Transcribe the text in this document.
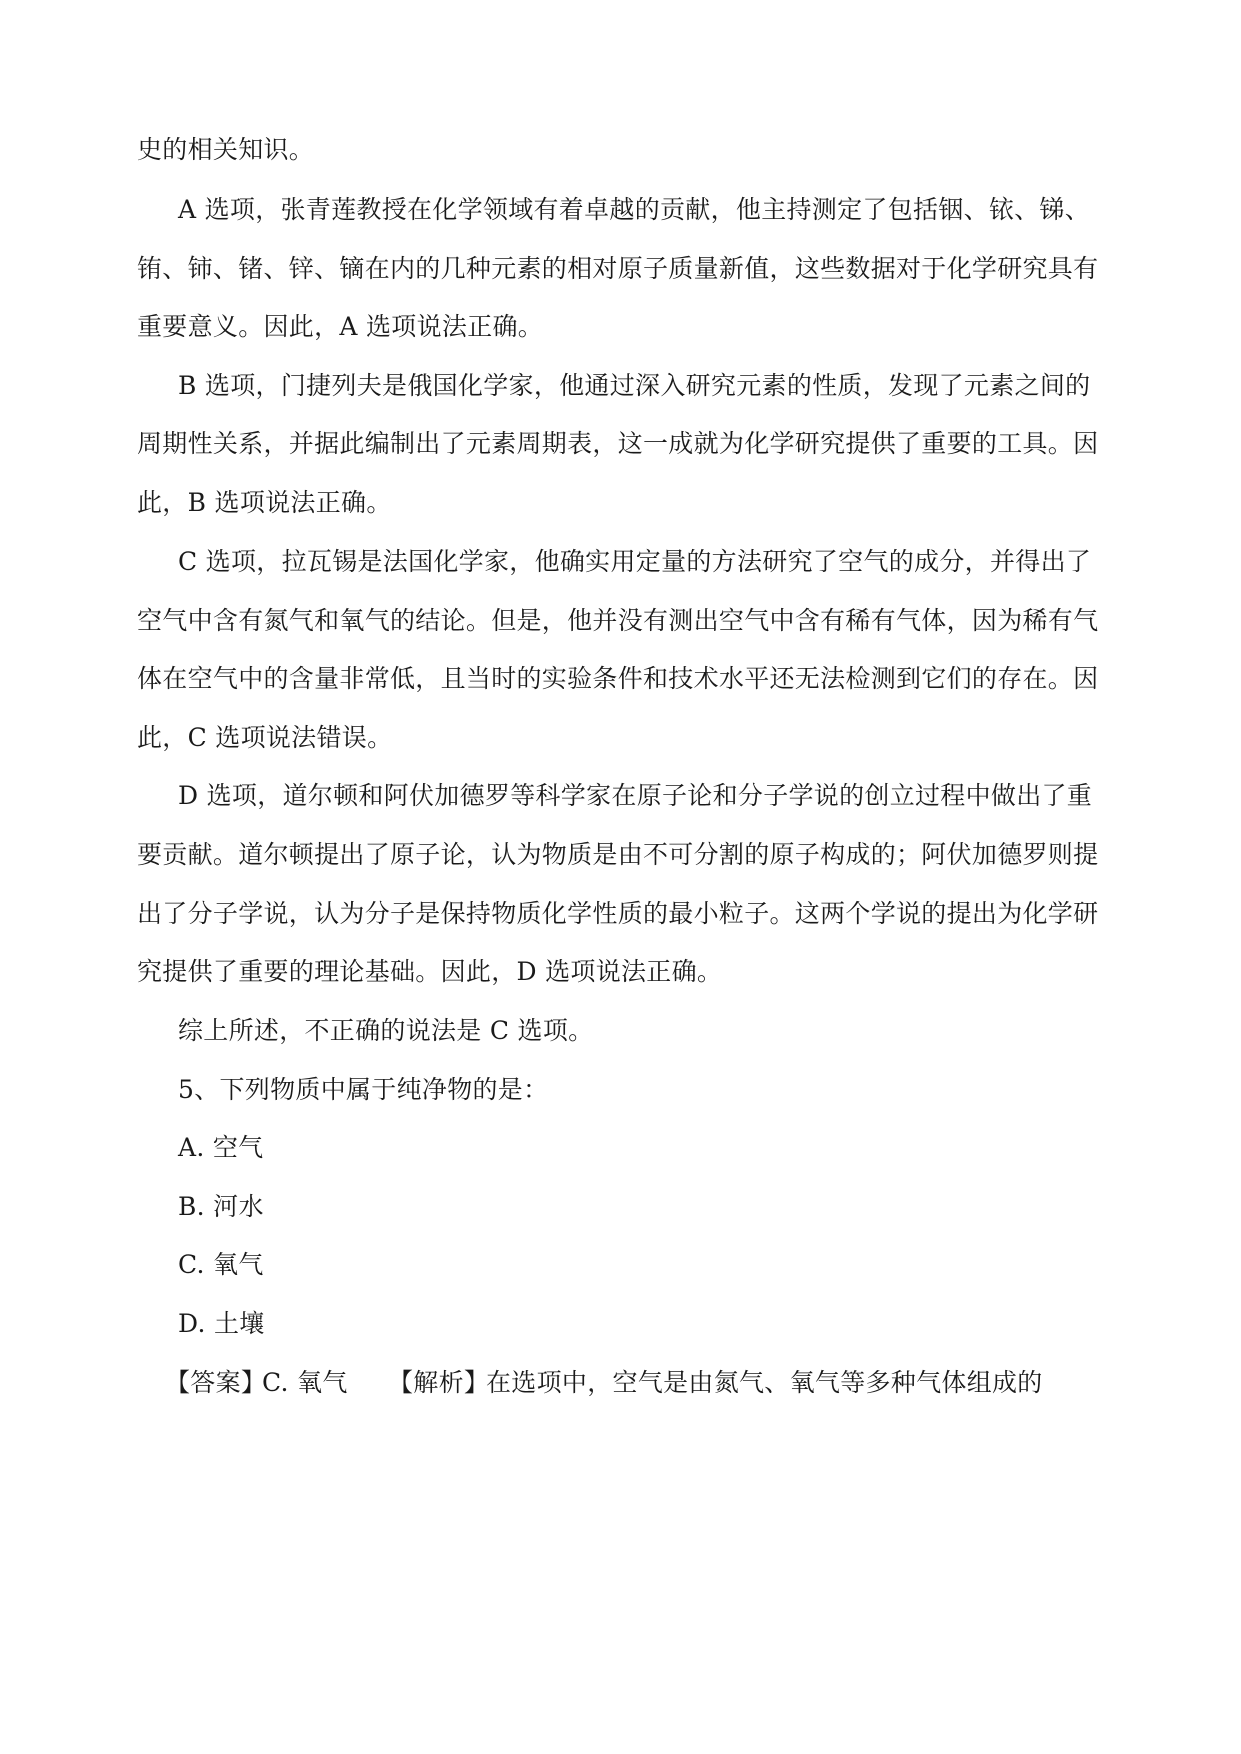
史的相关知识。
A 选项，张青莲教授在化学领域有着卓越的贡献，他主持测定了包括铟、铱、锑、
铕、铈、锗、锌、镝在内的几种元素的相对原子质量新值，这些数据对于化学研究具有
重要意义。因此，A 选项说法正确。
B 选项，门捷列夫是俄国化学家，他通过深入研究元素的性质，发现了元素之间的
周期性关系，并据此编制出了元素周期表，这一成就为化学研究提供了重要的工具。因
此，B 选项说法正确。
C 选项，拉瓦锡是法国化学家，他确实用定量的方法研究了空气的成分，并得出了
空气中含有氮气和氧气的结论。但是，他并没有测出空气中含有稀有气体，因为稀有气
体在空气中的含量非常低，且当时的实验条件和技术水平还无法检测到它们的存在。因
此，C 选项说法错误。
D 选项，道尔顿和阿伏加德罗等科学家在原子论和分子学说的创立过程中做出了重
要贡献。道尔顿提出了原子论，认为物质是由不可分割的原子构成的；阿伏加德罗则提
出了分子学说，认为分子是保持物质化学性质的最小粒子。这两个学说的提出为化学研
究提供了重要的理论基础。因此，D 选项说法正确。
综上所述，不正确的说法是 C 选项。
5、下列物质中属于纯净物的是：
A. 空气
B. 河水
C. 氧气
D. 土壤
【答案】
C. 氧气 【解析】
在选项中，空气是由氮气、氧气等多种气体组成的
